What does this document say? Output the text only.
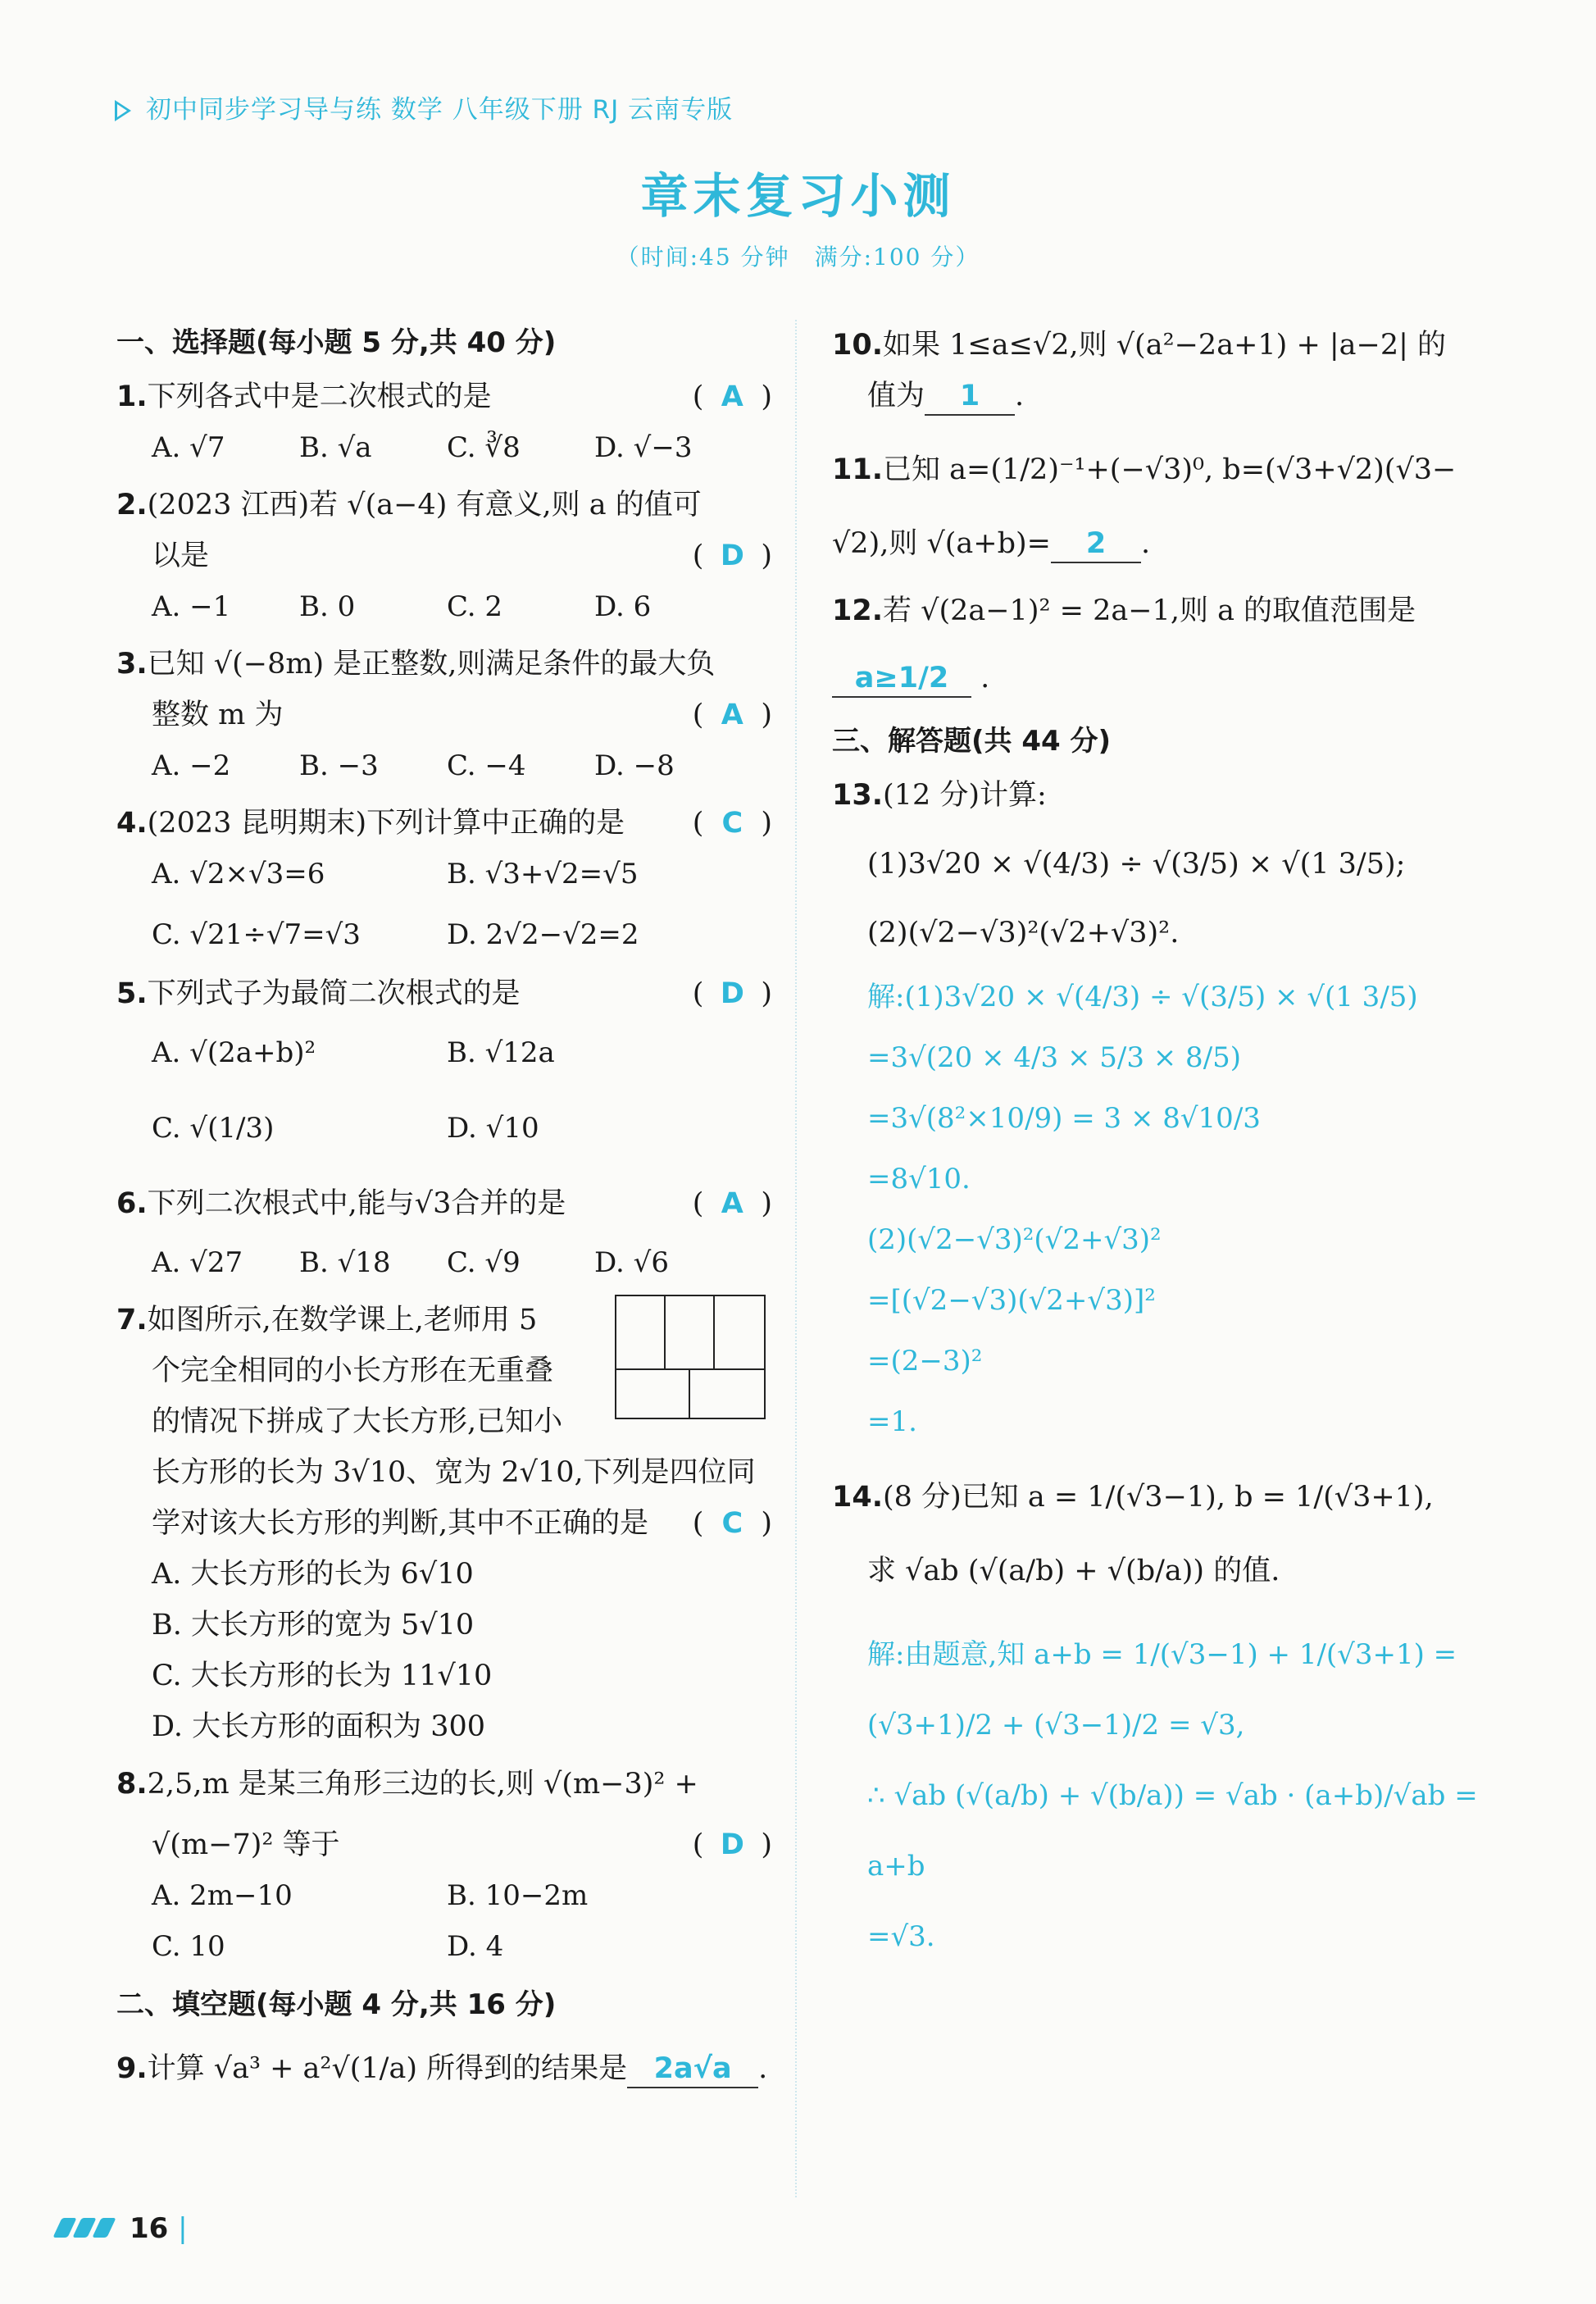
初中同步学习导与练 数学 八年级下册 RJ 云南专版
章末复习小测
（时间:45 分钟　满分:100 分）
一、选择题(每小题 5 分,共 40 分)
1.下列各式中是二次根式的是	( A )
A. √7	B. √a	C. ∛8	D. √−3
2.(2023 江西)若 √(a−4) 有意义,则 a 的值可
以是	( D )
A. −1	B. 0	C. 2	D. 6
3.已知 √(−8m) 是正整数,则满足条件的最大负
整数 m 为	( A )
A. −2	B. −3	C. −4	D. −8
4.(2023 昆明期末)下列计算中正确的是 ( C )
A. √2×√3=6	B. √3+√2=√5
C. √21÷√7=√3	D. 2√2−√2=2
5.下列式子为最简二次根式的是	( D )
A. √(2a+b)²	B. √12a
C. √(1/3)	D. √10
6.下列二次根式中,能与√3合并的是	( A )
A. √27	B. √18	C. √9	D. √6
7.如图所示,在数学课上,老师用 5
个完全相同的小长方形在无重叠
的情况下拼成了大长方形,已知小
长方形的长为 3√10、宽为 2√10,下列是四位同
学对该大长方形的判断,其中不正确的是 ( C )
A. 大长方形的长为 6√10
B. 大长方形的宽为 5√10
C. 大长方形的长为 11√10
D. 大长方形的面积为 300
8.2,5,m 是某三角形三边的长,则 √(m−3)² +
√(m−7)² 等于	( D )
A. 2m−10	B. 10−2m
C. 10	D. 4
二、填空题(每小题 4 分,共 16 分)
9.计算 √a³ + a²√(1/a) 所得到的结果是 2a√a .
10.如果 1≤a≤√2,则 √(a²−2a+1) + |a−2| 的
值为 1 .
11.已知 a=(1/2)⁻¹+(−√3)⁰, b=(√3+√2)(√3−
√2),则 √(a+b)= 2 .
12.若 √(2a−1)² = 2a−1,则 a 的取值范围是
a≥1/2 .
三、解答题(共 44 分)
13.(12 分)计算:
(1)3√20 × √(4/3) ÷ √(3/5) × √(1 3/5);
(2)(√2−√3)²(√2+√3)².
解:(1)3√20 × √(4/3) ÷ √(3/5) × √(1 3/5)
=3√(20 × 4/3 × 5/3 × 8/5)
=3√(8²×10/9) = 3 × 8√10/3
=8√10.
(2)(√2−√3)²(√2+√3)²
=[(√2−√3)(√2+√3)]²
=(2−3)²
=1.
14.(8 分)已知 a = 1/(√3−1), b = 1/(√3+1),
求 √ab (√(a/b) + √(b/a)) 的值.
解:由题意,知 a+b = 1/(√3−1) + 1/(√3+1) =
(√3+1)/2 + (√3−1)/2 = √3,
∴ √ab (√(a/b) + √(b/a)) = √ab · (a+b)/√ab = a+b
=√3.
16 |
